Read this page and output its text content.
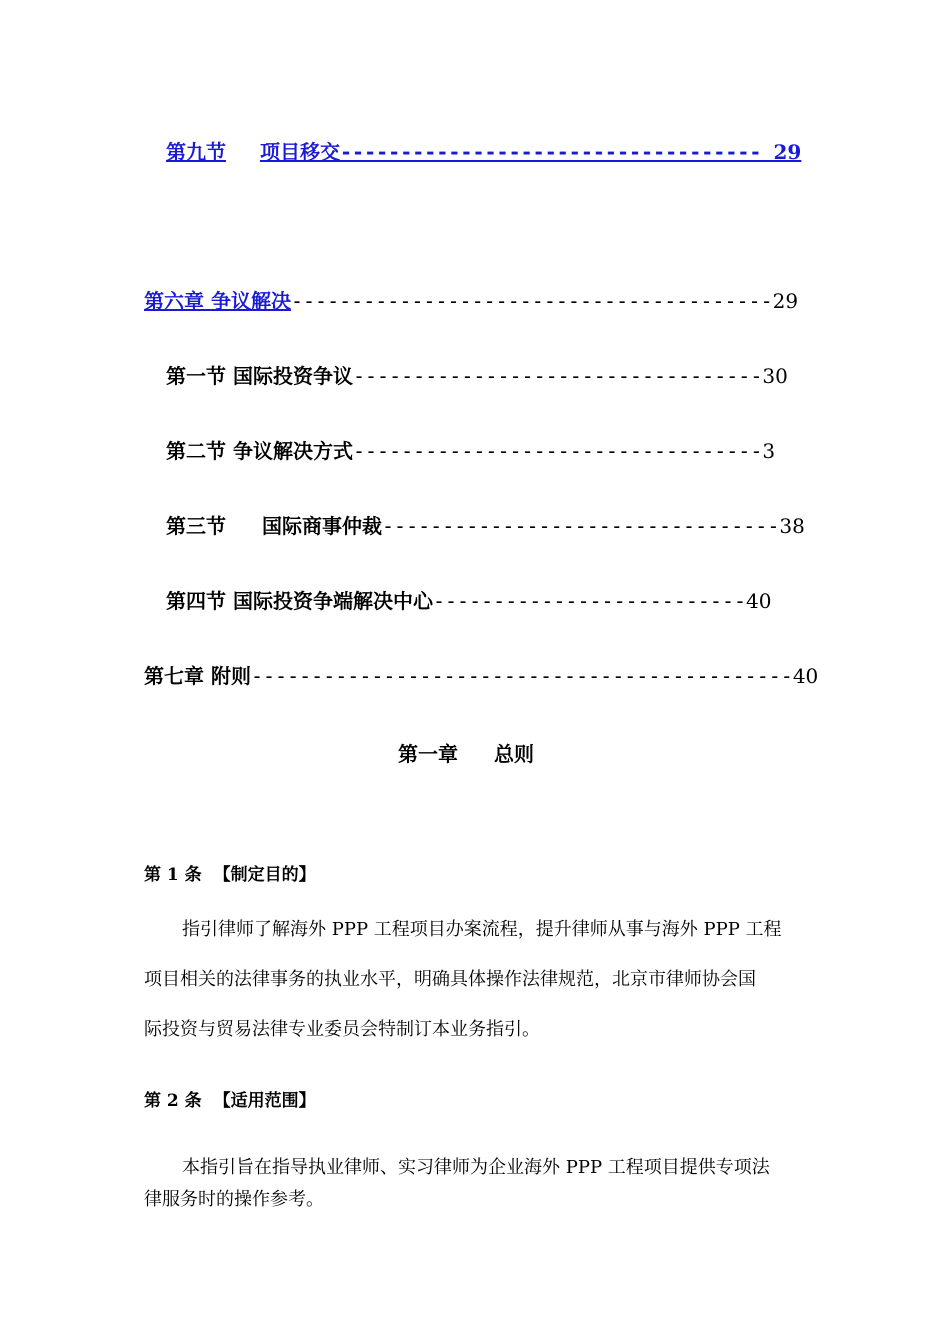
第九节 项目移交----------------------------------- 29
第六章 争议解决----------------------------------------29
第一节 国际投资争议----------------------------------30
第二节 争议解决方式----------------------------------3
第三节 国际商事仲裁---------------------------------38
第四节 国际投资争端解决中心--------------------------40
第七章 附则---------------------------------------------40
第一章 总则
第 1 条 【制定目的】
指引律师了解海外 PPP 工程项目办案流程，提升律师从事与海外 PPP 工程
项目相关的法律事务的执业水平，明确具体操作法律规范，北京市律师协会国
际投资与贸易法律专业委员会特制订本业务指引。
第 2 条 【适用范围】
本指引旨在指导执业律师、实习律师为企业海外 PPP 工程项目提供专项法
律服务时的操作参考。
